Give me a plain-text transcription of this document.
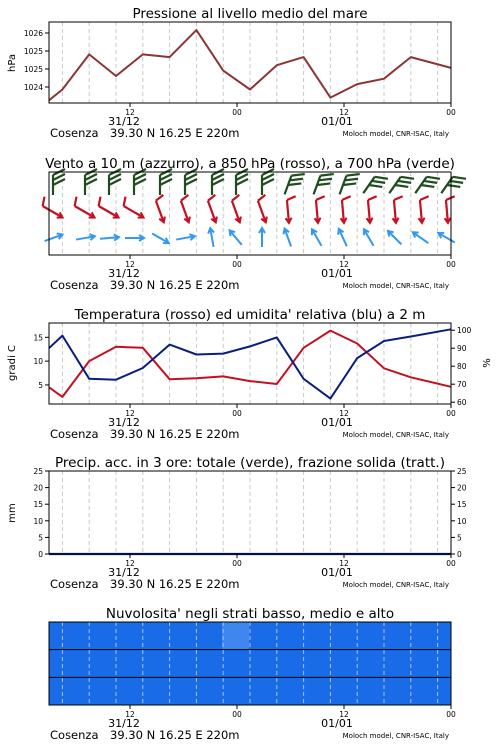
Pressione al livello medio del mare
1024
1025
1025
1026
hPa
12	00	12	00
31/12	01/01
Cosenza 39.30 N 16.25 E 220m	Moloch model, CNR-ISAC, Italy
Vento a 10 m (azzurro), a 850 hPa (rosso), a 700 hPa (verde)
12	00	12	00
31/12	01/01
Cosenza 39.30 N 16.25 E 220m	Moloch model, CNR-ISAC, Italy
Temperatura (rosso) ed umidita' relativa (blu) a 2 m
5
10
15
60
70
80
90
100
gradi C	%
12	00	12	00
31/12	01/01
Cosenza 39.30 N 16.25 E 220m	Moloch model, CNR-ISAC, Italy
Precip. acc. in 3 ore: totale (verde), frazione solida (tratt.)
0	0
5	5
10	10
15	15
20	20
25	25
mm
12	00	12	00
31/12	01/01
Cosenza 39.30 N 16.25 E 220m	Moloch model, CNR-ISAC, Italy
Nuvolosita' negli strati basso, medio e alto
12	00	12	00
31/12	01/01
Cosenza 39.30 N 16.25 E 220m	Moloch model, CNR-ISAC, Italy
